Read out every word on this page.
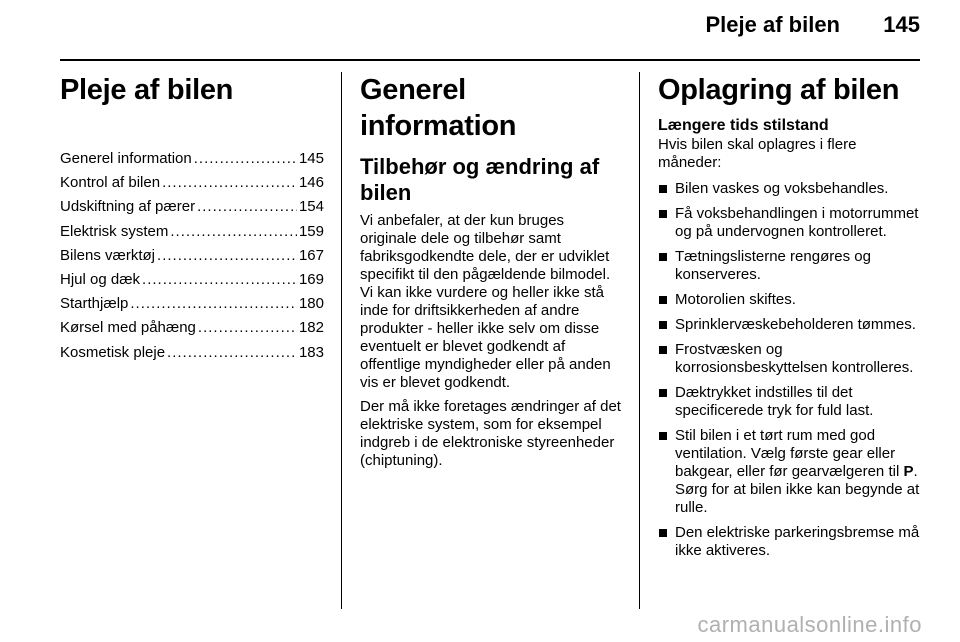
Pleje af bilen 145
Pleje af bilen
Generel information .....	145
Kontrol af bilen .....	146
Udskiftning af pærer .....	154
Elektrisk system .....	159
Bilens værktøj .....	167
Hjul og dæk .....	169
Starthjælp .....	180
Kørsel med påhæng .....	182
Kosmetisk pleje .....	183
Generel information
Tilbehør og ændring af bilen

Vi anbefaler, at der kun bruges originale dele og tilbehør samt fabriksgodkendte dele, der er udviklet specifikt til den pågældende bilmodel. Vi kan ikke vurdere og heller ikke stå inde for driftsikkerheden af andre produkter - heller ikke selv om disse eventuelt er blevet godkendt af offentlige myndigheder eller på anden vis er blevet godkendt.

Der må ikke foretages ændringer af det elektriske system, som for eksempel indgreb i de elektroniske styreenheder (chiptuning).

Oplagring af bilen
Længere tids stilstand

Hvis bilen skal oplagres i flere måneder:

Bilen vaskes og voksbehandles.
Få voksbehandlingen i motorrummet og på undervognen kontrolleret.
Tætningslisterne rengøres og konserveres.
Motorolien skiftes.
Sprinklervæskebeholderen tømmes.
Frostvæsken og korrosionsbeskyttelsen kontrolleres.
Dæktrykket indstilles til det specificerede tryk for fuld last.
Stil bilen i et tørt rum med god ventilation. Vælg første gear eller bakgear, eller før gearvælgeren til P. Sørg for at bilen ikke kan begynde at rulle.
Den elektriske parkeringsbremse må ikke aktiveres.
carmanualsonline.info
